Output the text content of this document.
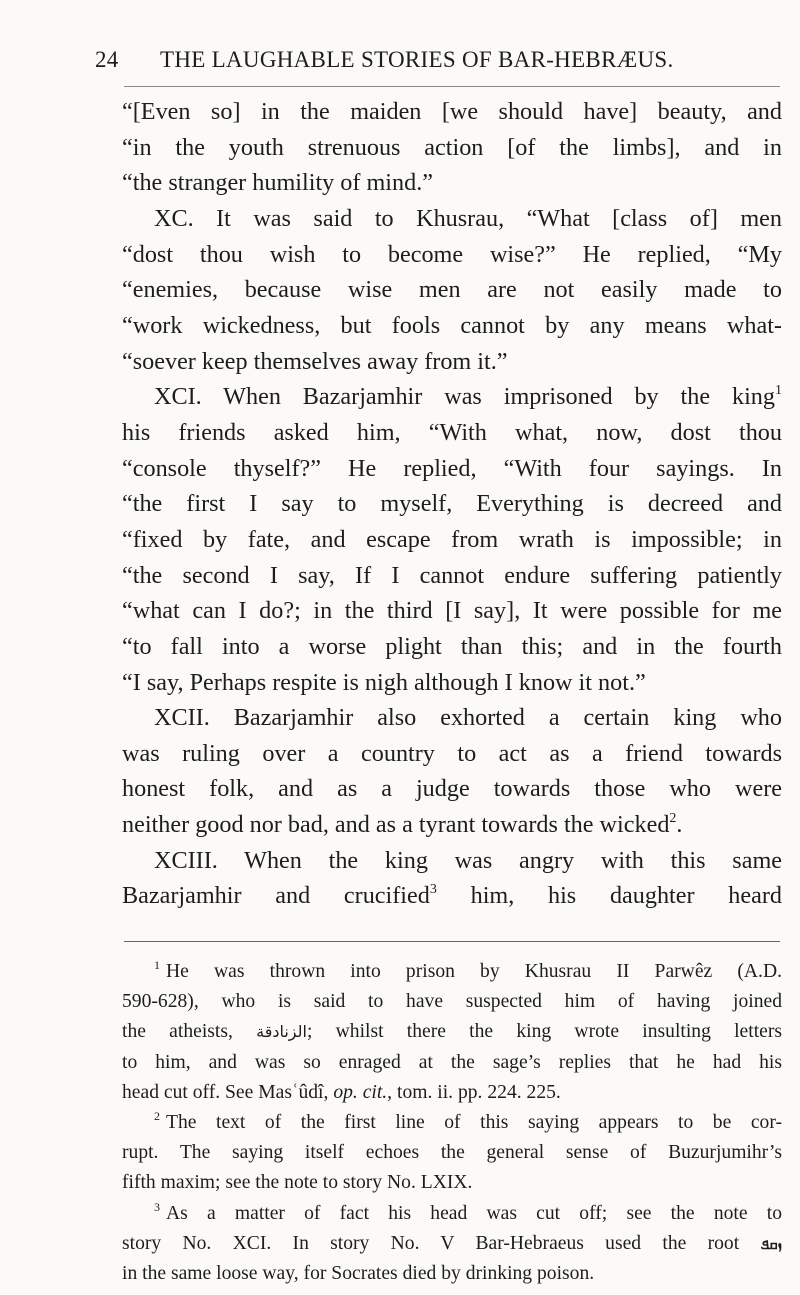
24 THE LAUGHABLE STORIES OF BAR-HEBRÆUS.
“[Even so] in the maiden [we should have] beauty, and
“in the youth strenuous action [of the limbs], and in
“the stranger humility of mind.”
XC. It was said to Khusrau, “What [class of] men
“dost thou wish to become wise?” He replied, “My
“enemies, because wise men are not easily made to
“work wickedness, but fools cannot by any means what-
“soever keep themselves away from it.”
XCI. When Bazarjamhir was imprisoned by the king$^1$
his friends asked him, “With what, now, dost thou
“console thyself?” He replied, “With four sayings. In
“the first I say to myself, Everything is decreed and
“fixed by fate, and escape from wrath is impossible; in
“the second I say, If I cannot endure suffering patiently
“what can I do?; in the third [I say], It were possible for me
“to fall into a worse plight than this; and in the fourth
“I say, Perhaps respite is nigh although I know it not.”
XCII. Bazarjamhir also exhorted a certain king who
was ruling over a country to act as a friend towards
honest folk, and as a judge towards those who were
neither good nor bad, and as a tyrant towards the wicked$^2$.
XCIII. When the king was angry with this same
Bazarjamhir and crucified$^3$ him, his daughter heard
$^1$ He was thrown into prison by Khusrau II Parwêz (A.D.
590-628), who is said to have suspected him of having joined
the atheists, الزنادقة; whilst there the king wrote insulting letters
to him, and was so enraged at the sage’s replies that he had his
head cut off. See Masʿûdî, op. cit., tom. ii. pp. 224. 225.
$^2$ The text of the first line of this saying appears to be cor-
rupt. The saying itself echoes the general sense of Buzurjumihr’s
fifth maxim; see the note to story No. LXIX.
$^3$ As a matter of fact his head was cut off; see the note to
story No. XCI. In story No. V Bar-Hebraeus used the root ܙܩܦ
in the same loose way, for Socrates died by drinking poison.
